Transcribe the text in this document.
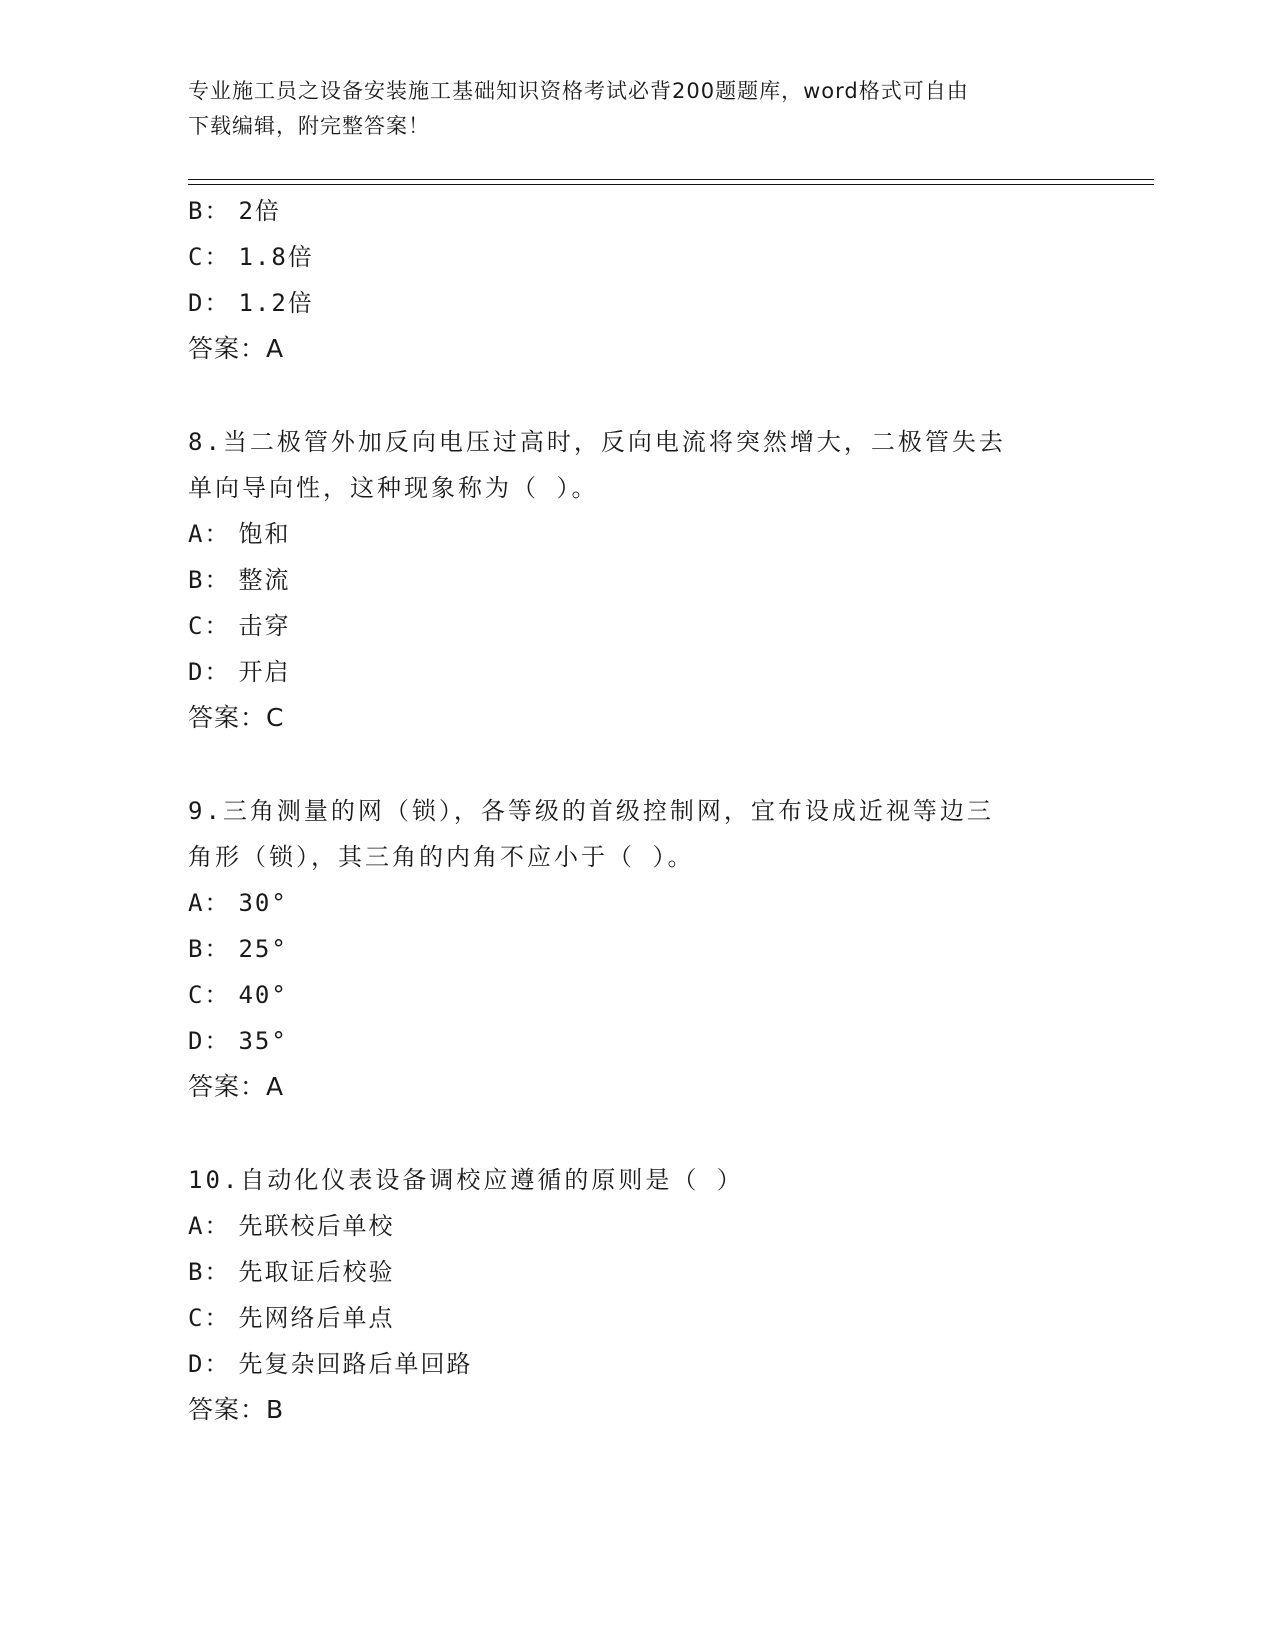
专业施工员之设备安装施工基础知识资格考试必背200题题库，word格式可自由
下载编辑，附完整答案！
B： 2倍
C： 1.8倍
D： 1.2倍
答案：A
8.当二极管外加反向电压过高时，反向电流将突然增大，二极管失去
单向导向性，这种现象称为（ ）。
A： 饱和
B： 整流
C： 击穿
D： 开启
答案：C
9.三角测量的网（锁），各等级的首级控制网，宜布设成近视等边三
角形（锁），其三角的内角不应小于（ ）。
A： 30°
B： 25°
C： 40°
D： 35°
答案：A
10.自动化仪表设备调校应遵循的原则是（ ）
A： 先联校后单校
B： 先取证后校验
C： 先网络后单点
D： 先复杂回路后单回路
答案：B
